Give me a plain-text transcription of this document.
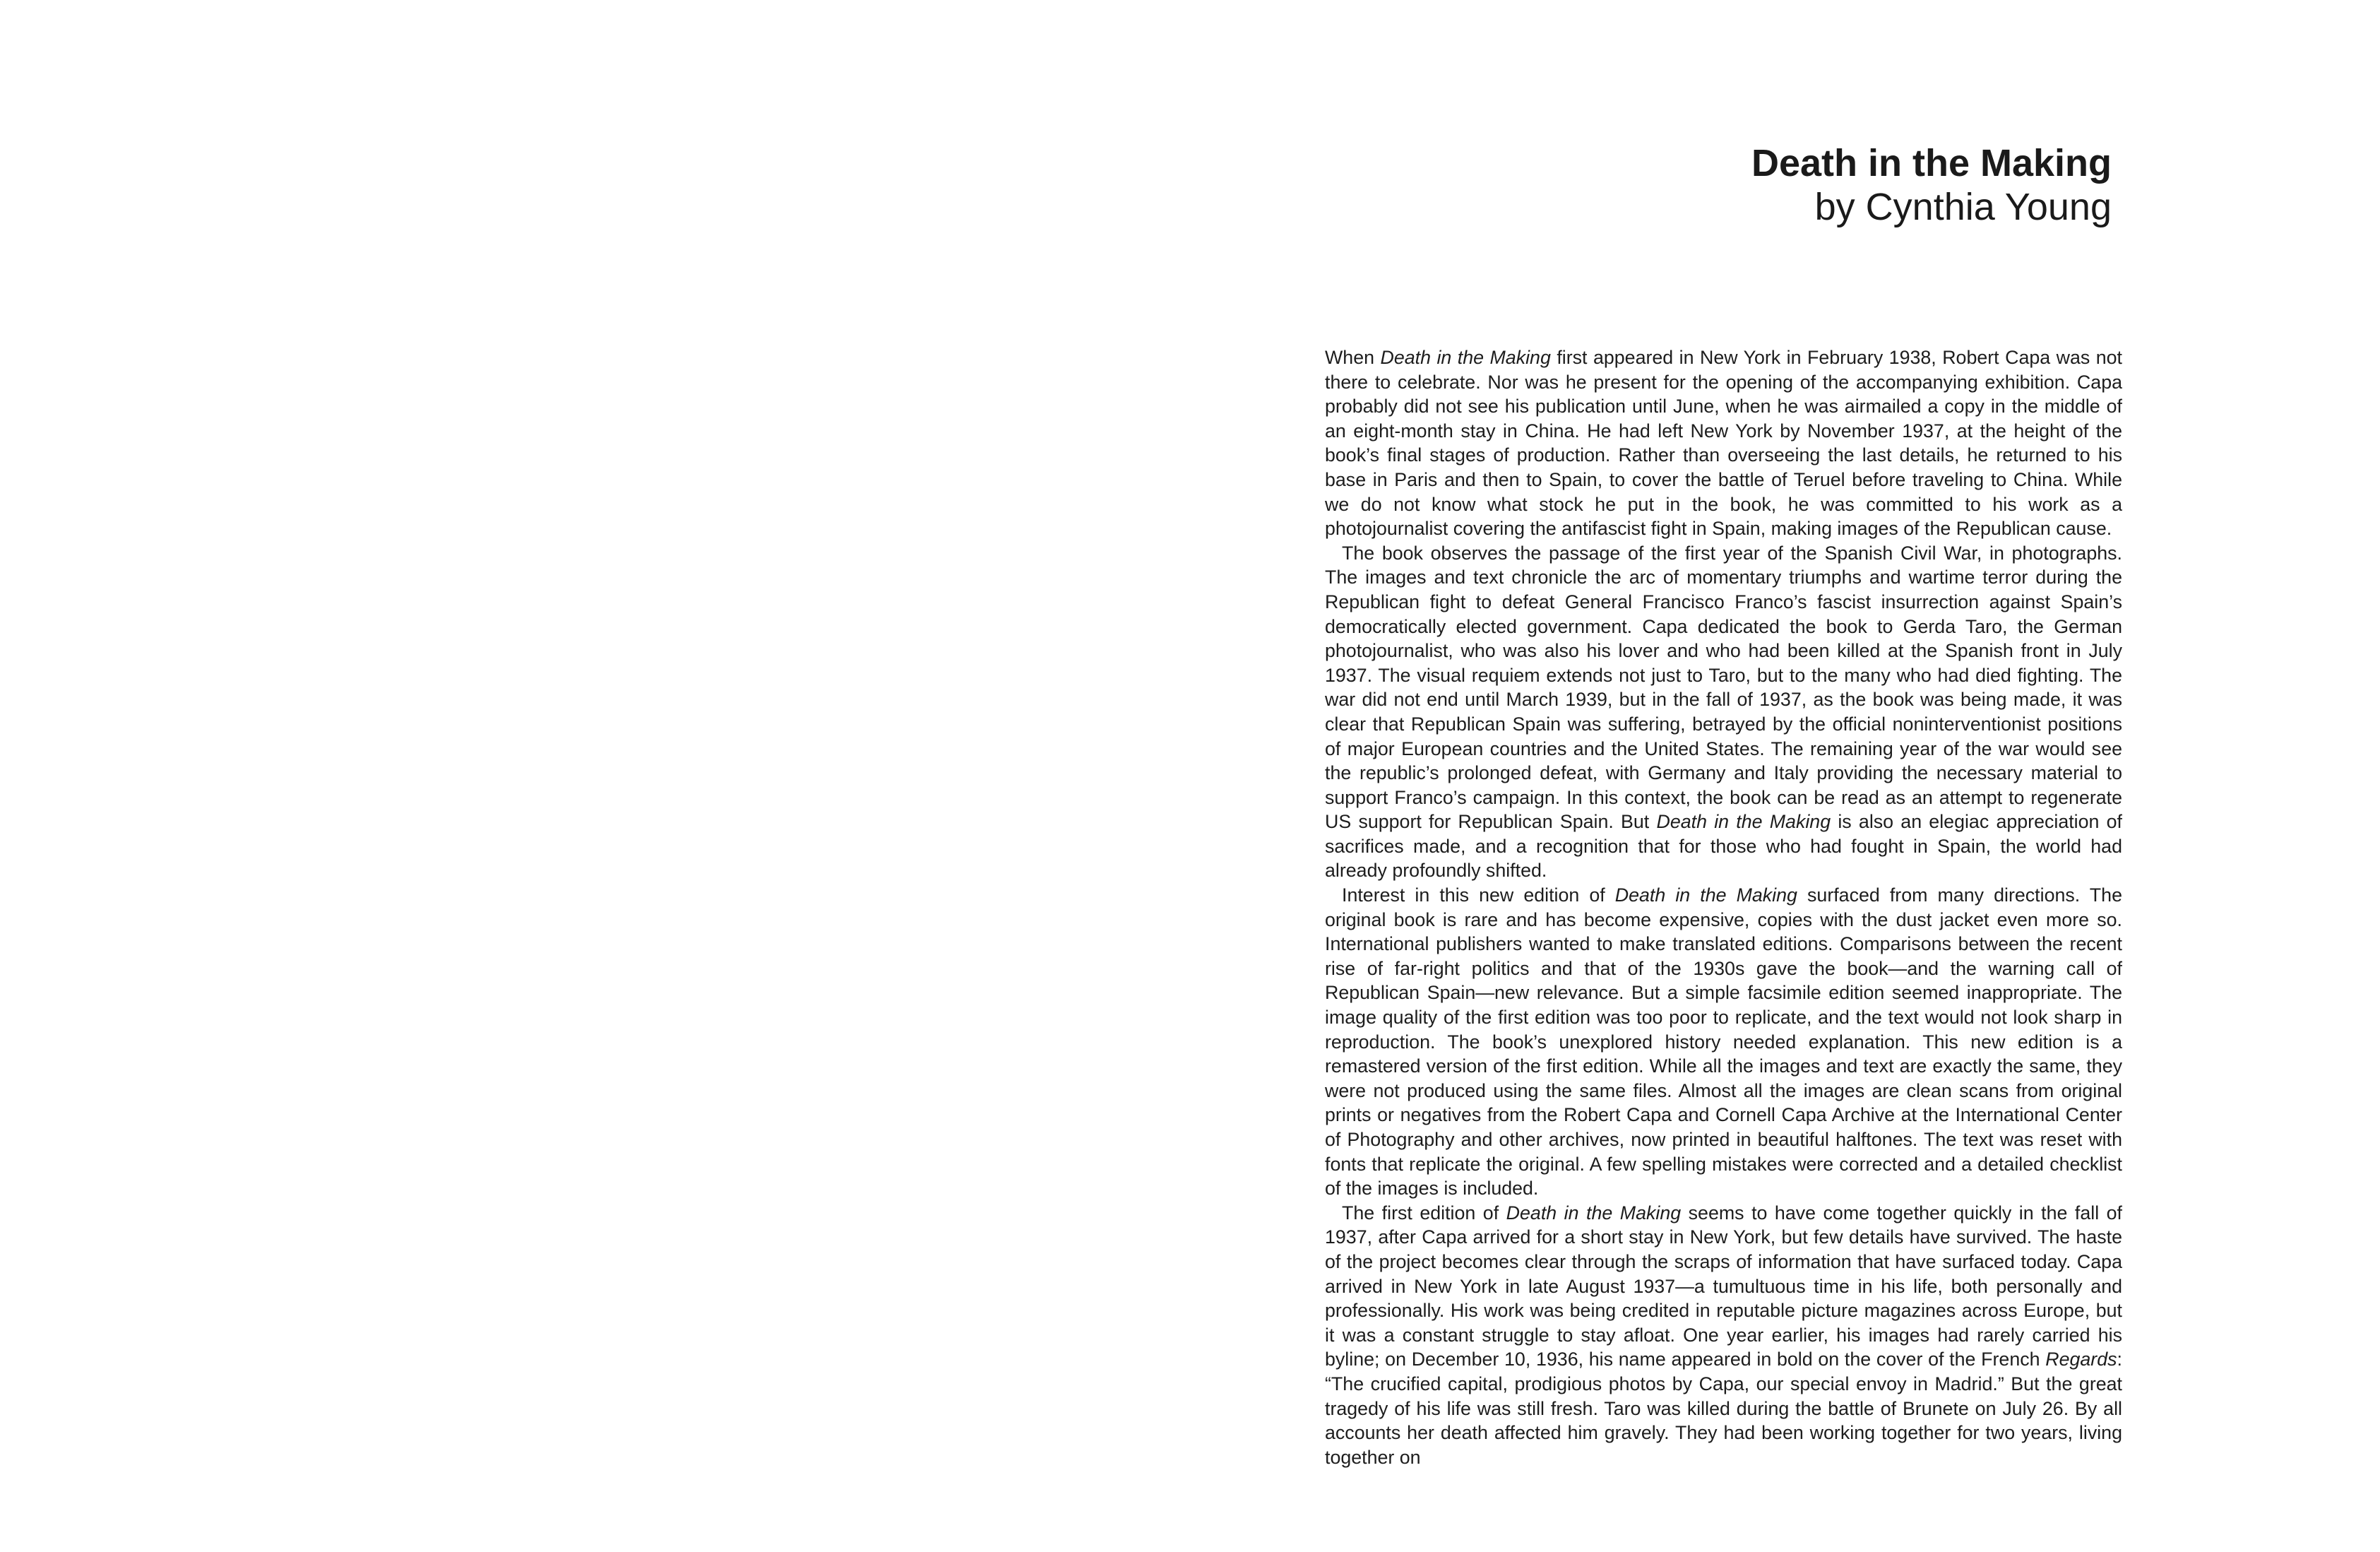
Death in the Making

by Cynthia Young

When Death in the Making first appeared in New York in February 1938, Robert Capa was not there to celebrate. Nor was he present for the opening of the accompanying exhibition. Capa probably did not see his publication until June, when he was airmailed a copy in the middle of an eight-month stay in China. He had left New York by November 1937, at the height of the book’s final stages of production. Rather than overseeing the last details, he returned to his base in Paris and then to Spain, to cover the battle of Teruel before traveling to China. While we do not know what stock he put in the book, he was committed to his work as a photojournalist covering the antifascist fight in Spain, making images of the Republican cause.

The book observes the passage of the first year of the Spanish Civil War, in photographs. The images and text chronicle the arc of momentary triumphs and wartime terror during the Republican fight to defeat General Francisco Franco’s fascist insurrection against Spain’s democratically elected government. Capa dedicated the book to Gerda Taro, the German photojournalist, who was also his lover and who had been killed at the Spanish front in July 1937. The visual requiem extends not just to Taro, but to the many who had died fighting. The war did not end until March 1939, but in the fall of 1937, as the book was being made, it was clear that Republican Spain was suffering, betrayed by the official noninterventionist positions of major European countries and the United States. The remaining year of the war would see the republic’s prolonged defeat, with Germany and Italy providing the necessary material to support Franco’s campaign. In this context, the book can be read as an attempt to regenerate US support for Republican Spain. But Death in the Making is also an elegiac appreciation of sacrifices made, and a recognition that for those who had fought in Spain, the world had already profoundly shifted.

Interest in this new edition of Death in the Making surfaced from many directions. The original book is rare and has become expensive, copies with the dust jacket even more so. International publishers wanted to make translated editions. Comparisons between the recent rise of far-right politics and that of the 1930s gave the book—and the warning call of Republican Spain—new relevance. But a simple facsimile edition seemed inappropriate. The image quality of the first edition was too poor to replicate, and the text would not look sharp in reproduction. The book’s unexplored history needed explanation. This new edition is a remastered version of the first edition. While all the images and text are exactly the same, they were not produced using the same files. Almost all the images are clean scans from original prints or negatives from the Robert Capa and Cornell Capa Archive at the International Center of Photography and other archives, now printed in beautiful halftones. The text was reset with fonts that replicate the original. A few spelling mistakes were corrected and a detailed checklist of the images is included.

The first edition of Death in the Making seems to have come together quickly in the fall of 1937, after Capa arrived for a short stay in New York, but few details have survived. The haste of the project becomes clear through the scraps of information that have surfaced today. Capa arrived in New York in late August 1937—a tumultuous time in his life, both personally and professionally. His work was being credited in reputable picture magazines across Europe, but it was a constant struggle to stay afloat. One year earlier, his images had rarely carried his byline; on December 10, 1936, his name appeared in bold on the cover of the French Regards: “The crucified capital, prodigious photos by Capa, our special envoy in Madrid.” But the great tragedy of his life was still fresh. Taro was killed during the battle of Brunete on July 26. By all accounts her death affected him gravely. They had been working together for two years, living together on
